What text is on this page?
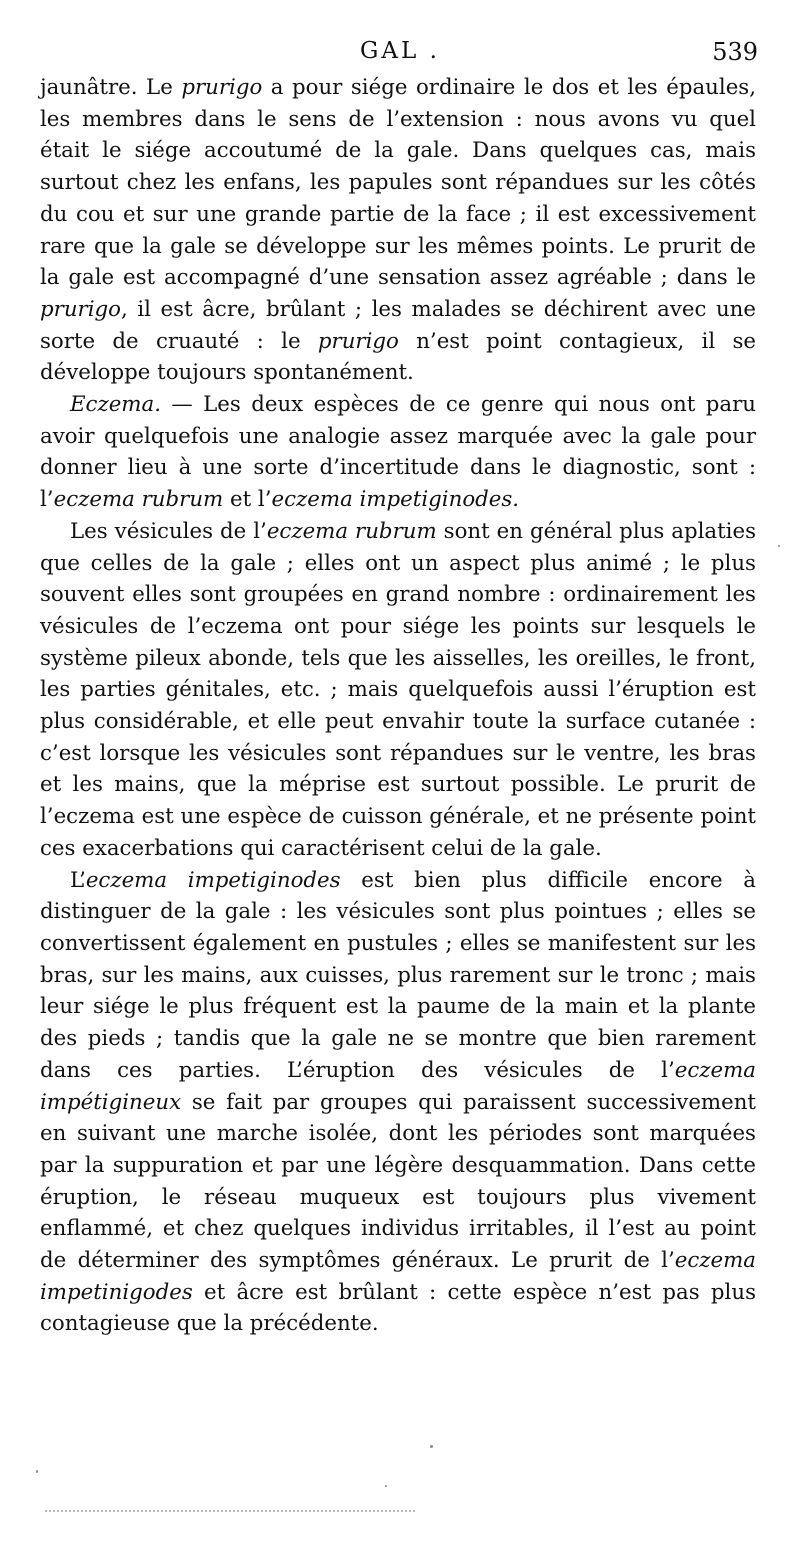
GAL .	539

jaunâtre. Le prurigo a pour siége ordinaire le dos et les épaules, les membres dans le sens de l’extension : nous avons vu quel était le siége accoutumé de la gale. Dans quelques cas, mais surtout chez les enfans, les papules sont répandues sur les côtés du cou et sur une grande partie de la face ; il est excessivement rare que la gale se développe sur les mêmes points. Le prurit de la gale est accompagné d’une sensation assez agréable ; dans le prurigo, il est âcre, brûlant ; les malades se déchirent avec une sorte de cruauté : le prurigo n’est point contagieux, il se développe toujours spontanément.

Eczema. — Les deux espèces de ce genre qui nous ont paru avoir quelquefois une analogie assez marquée avec la gale pour donner lieu à une sorte d’incertitude dans le diagnostic, sont : l’eczema rubrum et l’eczema impetiginodes.

Les vésicules de l’eczema rubrum sont en général plus aplaties que celles de la gale ; elles ont un aspect plus animé ; le plus souvent elles sont groupées en grand nombre : ordinairement les vésicules de l’eczema ont pour siége les points sur lesquels le système pileux abonde, tels que les aisselles, les oreilles, le front, les parties génitales, etc. ; mais quelquefois aussi l’éruption est plus considérable, et elle peut envahir toute la surface cutanée : c’est lorsque les vésicules sont répandues sur le ventre, les bras et les mains, que la méprise est surtout possible. Le prurit de l’eczema est une espèce de cuisson générale, et ne présente point ces exacerbations qui caractérisent celui de la gale.

L’eczema impetiginodes est bien plus difficile encore à distinguer de la gale : les vésicules sont plus pointues ; elles se convertissent également en pustules ; elles se manifestent sur les bras, sur les mains, aux cuisses, plus rarement sur le tronc ; mais leur siége le plus fréquent est la paume de la main et la plante des pieds ; tandis que la gale ne se montre que bien rarement dans ces parties. L’éruption des vésicules de l’eczema impétigineux se fait par groupes qui paraissent successivement en suivant une marche isolée, dont les périodes sont marquées par la suppuration et par une légère desquammation. Dans cette éruption, le réseau muqueux est toujours plus vivement enflammé, et chez quelques individus irritables, il l’est au point de déterminer des symptômes généraux. Le prurit de l’eczema impetinigodes et âcre est brûlant : cette espèce n’est pas plus contagieuse que la précédente.
